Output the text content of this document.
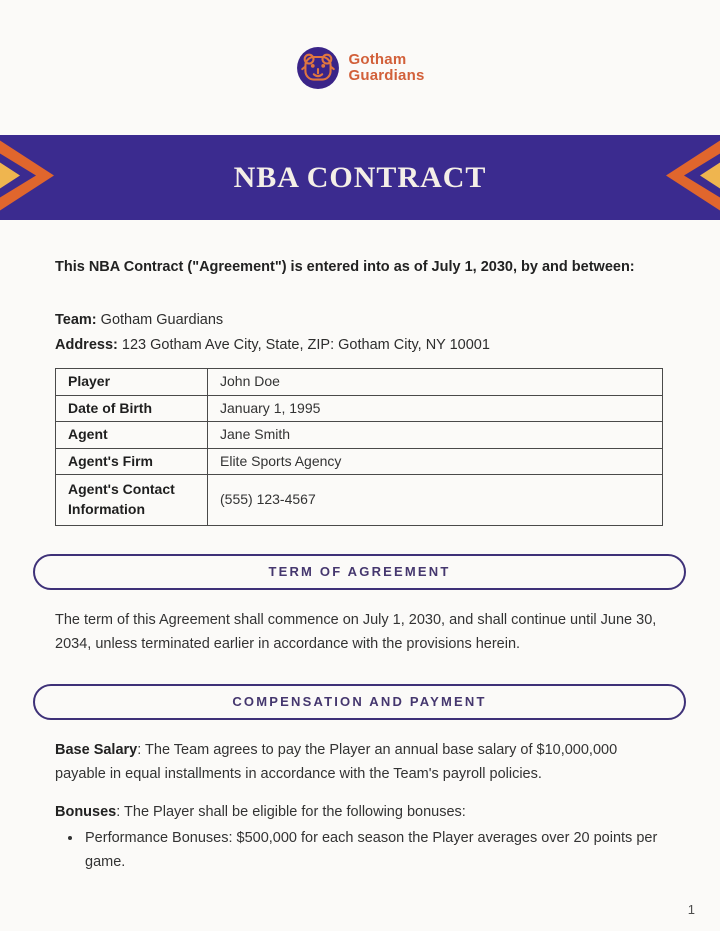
Gotham
Guardians
NBA CONTRACT

This NBA Contract ("Agreement") is entered into as of July 1, 2030, by and between:

Team: Gotham Guardians

Address: 123 Gotham Ave City, State, ZIP: Gotham City, NY 10001

Player	John Doe
Date of Birth	January 1, 1995
Agent	Jane Smith
Agent's Firm	Elite Sports Agency
Agent's Contact Information	(555) 123-4567
TERM OF AGREEMENT

The term of this Agreement shall commence on July 1, 2030, and shall continue until June 30, 2034, unless terminated earlier in accordance with the provisions herein.

COMPENSATION AND PAYMENT

Base Salary: The Team agrees to pay the Player an annual base salary of $10,000,000 payable in equal installments in accordance with the Team's payroll policies.

Bonuses: The Player shall be eligible for the following bonuses:

• Performance Bonuses: $500,000 for each season the Player averages over 20 points per game.
1
